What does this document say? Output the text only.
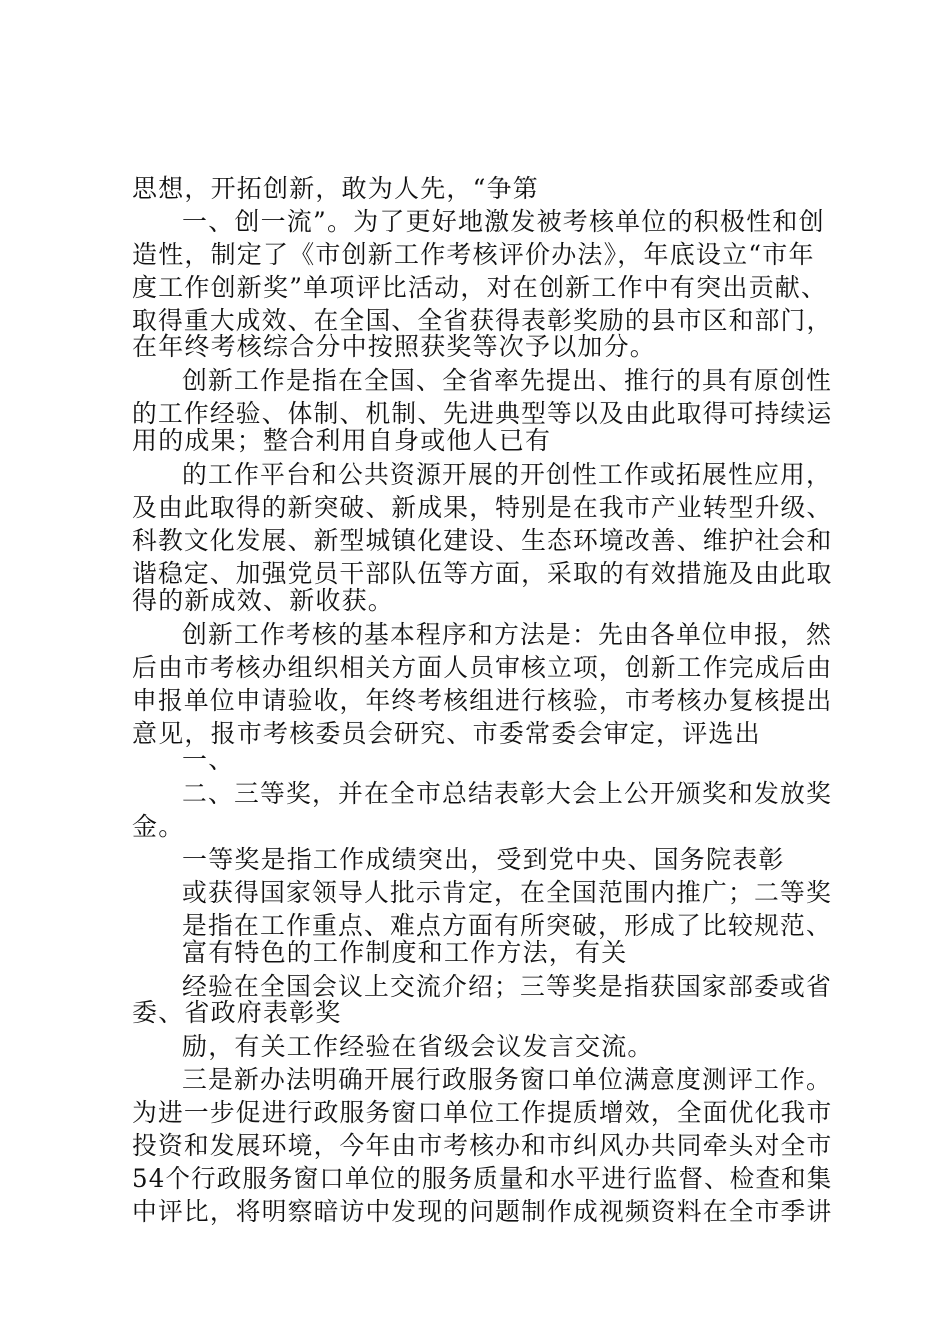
思想，开拓创新，敢为人先，“争第
一、创一流”。为了更好地激发被考核单位的积极性和创
造性，制定了《市创新工作考核评价办法》，年底设立“市年
度工作创新奖”单项评比活动，对在创新工作中有突出贡献、
取得重大成效、在全国、全省获得表彰奖励的县市区和部门，
在年终考核综合分中按照获奖等次予以加分。
创新工作是指在全国、全省率先提出、推行的具有原创性
的工作经验、体制、机制、先进典型等以及由此取得可持续运
用的成果；整合利用自身或他人已有
的工作平台和公共资源开展的开创性工作或拓展性应用，
及由此取得的新突破、新成果，特别是在我市产业转型升级、
科教文化发展、新型城镇化建设、生态环境改善、维护社会和
谐稳定、加强党员干部队伍等方面，采取的有效措施及由此取
得的新成效、新收获。
创新工作考核的基本程序和方法是：先由各单位申报，然
后由市考核办组织相关方面人员审核立项，创新工作完成后由
申报单位申请验收，年终考核组进行核验，市考核办复核提出
意见，报市考核委员会研究、市委常委会审定，评选出
一、
二、三等奖，并在全市总结表彰大会上公开颁奖和发放奖
金。
一等奖是指工作成绩突出，受到党中央、国务院表彰
或获得国家领导人批示肯定，在全国范围内推广；二等奖
是指在工作重点、难点方面有所突破，形成了比较规范、
富有特色的工作制度和工作方法，有关
经验在全国会议上交流介绍；三等奖是指获国家部委或省
委、省政府表彰奖
励，有关工作经验在省级会议发言交流。
三是新办法明确开展行政服务窗口单位满意度测评工作。
为进一步促进行政服务窗口单位工作提质增效，全面优化我市
投资和发展环境，今年由市考核办和市纠风办共同牵头对全市
54个行政服务窗口单位的服务质量和水平进行监督、检查和集
中评比，将明察暗访中发现的问题制作成视频资料在全市季讲
